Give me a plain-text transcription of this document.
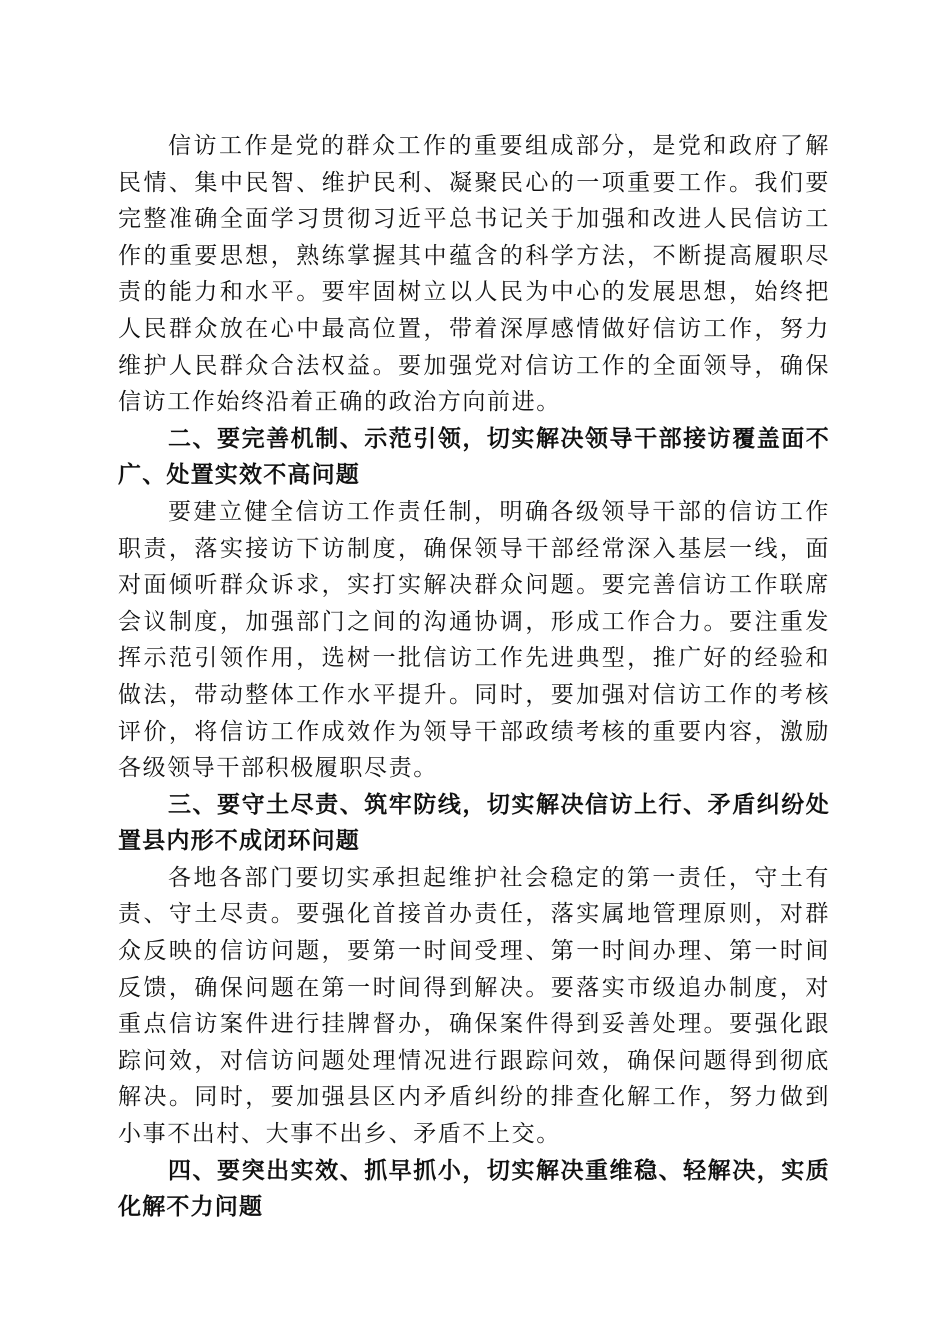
信访工作是党的群众工作的重要组成部分，是党和政府了解民情、集中民智、维护民利、凝聚民心的一项重要工作。我们要完整准确全面学习贯彻习近平总书记关于加强和改进人民信访工作的重要思想，熟练掌握其中蕴含的科学方法，不断提高履职尽责的能力和水平。要牢固树立以人民为中心的发展思想，始终把人民群众放在心中最高位置，带着深厚感情做好信访工作，努力维护人民群众合法权益。要加强党对信访工作的全面领导，确保信访工作始终沿着正确的政治方向前进。

二、要完善机制、示范引领，切实解决领导干部接访覆盖面不广、处置实效不高问题

要建立健全信访工作责任制，明确各级领导干部的信访工作职责，落实接访下访制度，确保领导干部经常深入基层一线，面对面倾听群众诉求，实打实解决群众问题。要完善信访工作联席会议制度，加强部门之间的沟通协调，形成工作合力。要注重发挥示范引领作用，选树一批信访工作先进典型，推广好的经验和做法，带动整体工作水平提升。同时，要加强对信访工作的考核评价，将信访工作成效作为领导干部政绩考核的重要内容，激励各级领导干部积极履职尽责。

三、要守土尽责、筑牢防线，切实解决信访上行、矛盾纠纷处置县内形不成闭环问题

各地各部门要切实承担起维护社会稳定的第一责任，守土有责、守土尽责。要强化首接首办责任，落实属地管理原则，对群众反映的信访问题，要第一时间受理、第一时间办理、第一时间反馈，确保问题在第一时间得到解决。要落实市级追办制度，对重点信访案件进行挂牌督办，确保案件得到妥善处理。要强化跟踪问效，对信访问题处理情况进行跟踪问效，确保问题得到彻底解决。同时，要加强县区内矛盾纠纷的排查化解工作，努力做到小事不出村、大事不出乡、矛盾不上交。

四、要突出实效、抓早抓小，切实解决重维稳、轻解决，实质化解不力问题
